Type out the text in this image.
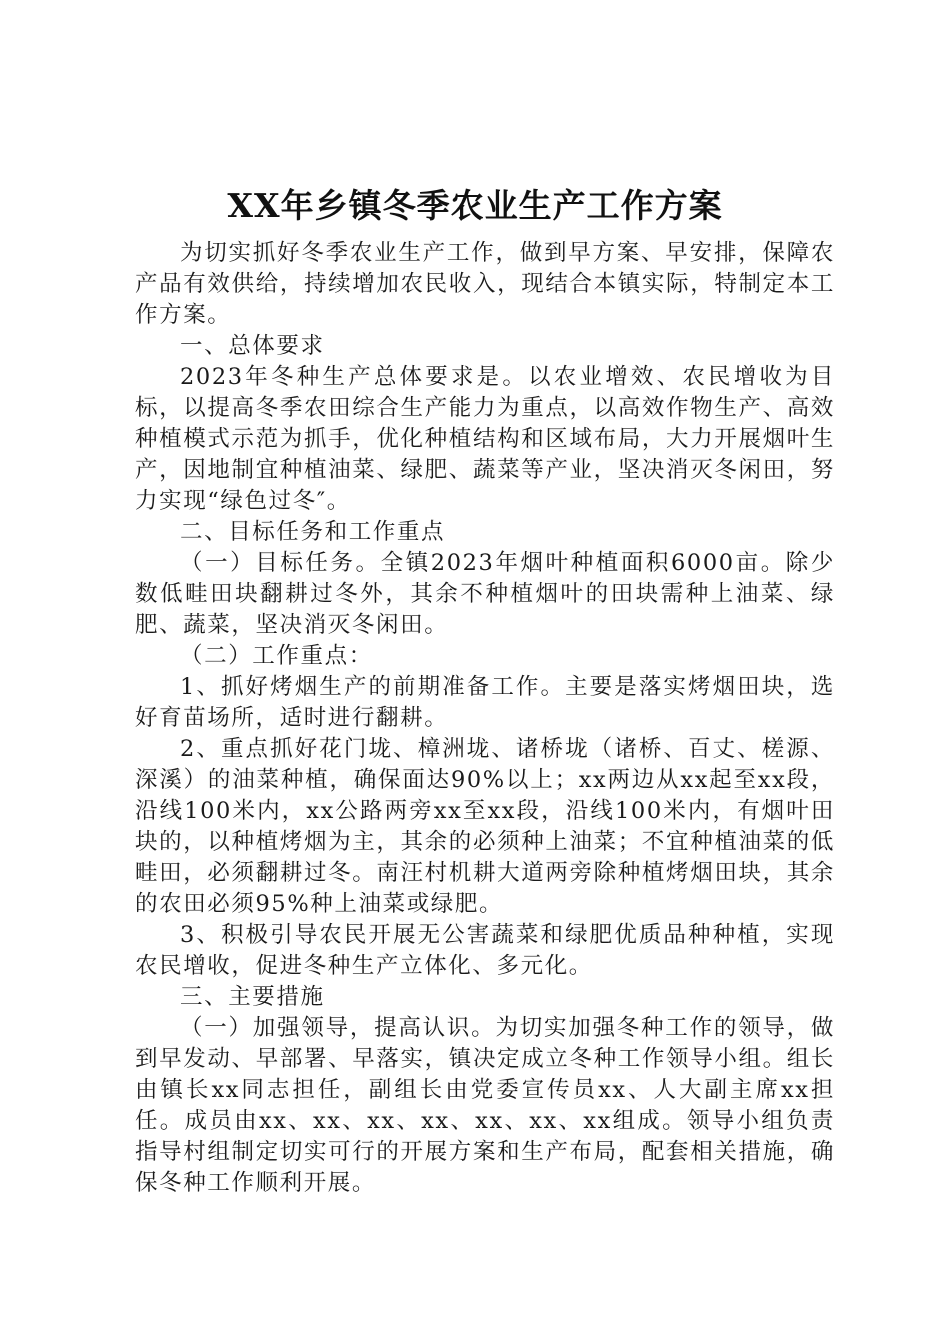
XX年乡镇冬季农业生产工作方案

为切实抓好冬季农业生产工作，做到早方案、早安排，保障农产品有效供给，持续增加农民收入，现结合本镇实际，特制定本工作方案。

一、总体要求

2023年冬种生产总体要求是。以农业增效、农民增收为目标，以提高冬季农田综合生产能力为重点，以高效作物生产、高效种植模式示范为抓手，优化种植结构和区域布局，大力开展烟叶生产，因地制宜种植油菜、绿肥、蔬菜等产业，坚决消灭冬闲田，努力实现“绿色过冬″。

二、目标任务和工作重点

（一）目标任务。全镇2023年烟叶种植面积6000亩。除少数低畦田块翻耕过冬外，其余不种植烟叶的田块需种上油菜、绿肥、蔬菜，坚决消灭冬闲田。

（二）工作重点：

1、抓好烤烟生产的前期准备工作。主要是落实烤烟田块，选好育苗场所，适时进行翻耕。

2、重点抓好花门垅、樟洲垅、诸桥垅（诸桥、百丈、槎源、深溪）的油菜种植，确保面达90%以上；xx两边从xx起至xx段，沿线100米内，xx公路两旁xx至xx段，沿线100米内，有烟叶田块的，以种植烤烟为主，其余的必须种上油菜；不宜种植油菜的低畦田，必须翻耕过冬。南汪村机耕大道两旁除种植烤烟田块，其余的农田必须95%种上油菜或绿肥。

3、积极引导农民开展无公害蔬菜和绿肥优质品种种植，实现农民增收，促进冬种生产立体化、多元化。

三、主要措施

（一）加强领导，提高认识。为切实加强冬种工作的领导，做到早发动、早部署、早落实，镇决定成立冬种工作领导小组。组长由镇长xx同志担任，副组长由党委宣传员xx、人大副主席xx担任。成员由xx、xx、xx、xx、xx、xx、xx组成。领导小组负责指导村组制定切实可行的开展方案和生产布局，配套相关措施，确保冬种工作顺利开展。
